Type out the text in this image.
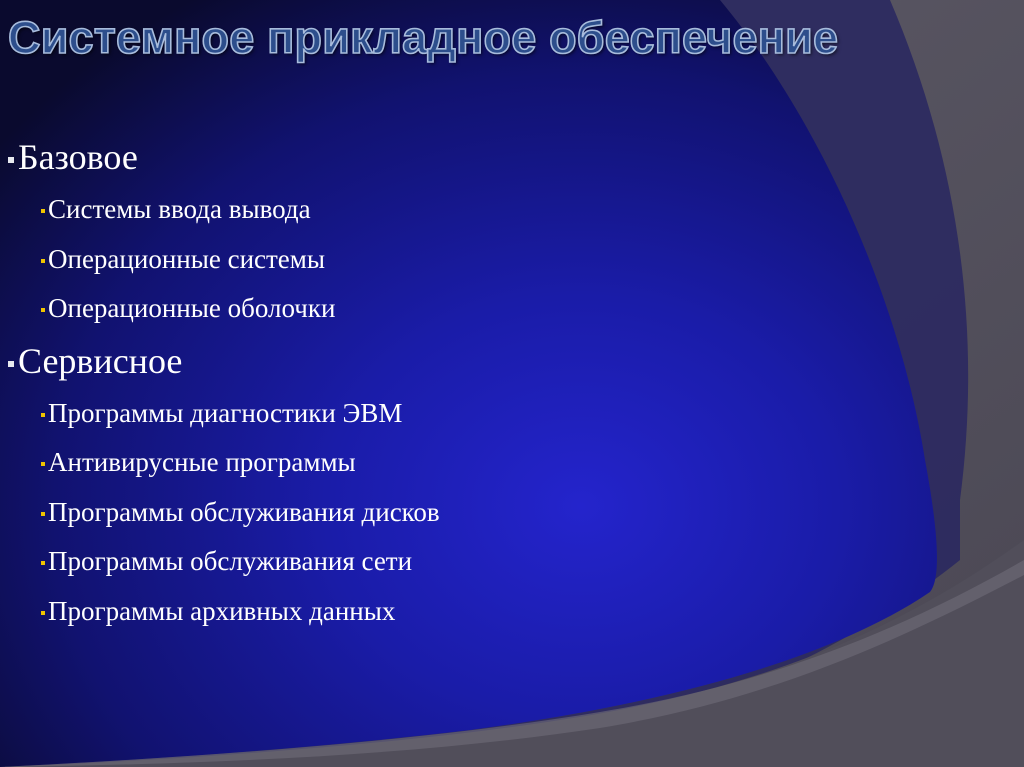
Системное прикладное обеспечение
Базовое
Системы ввода вывода
Операционные системы
Операционные оболочки
Сервисное
Программы диагностики ЭВМ
Антивирусные программы
Программы обслуживания дисков
Программы обслуживания сети
Программы архивных данных
